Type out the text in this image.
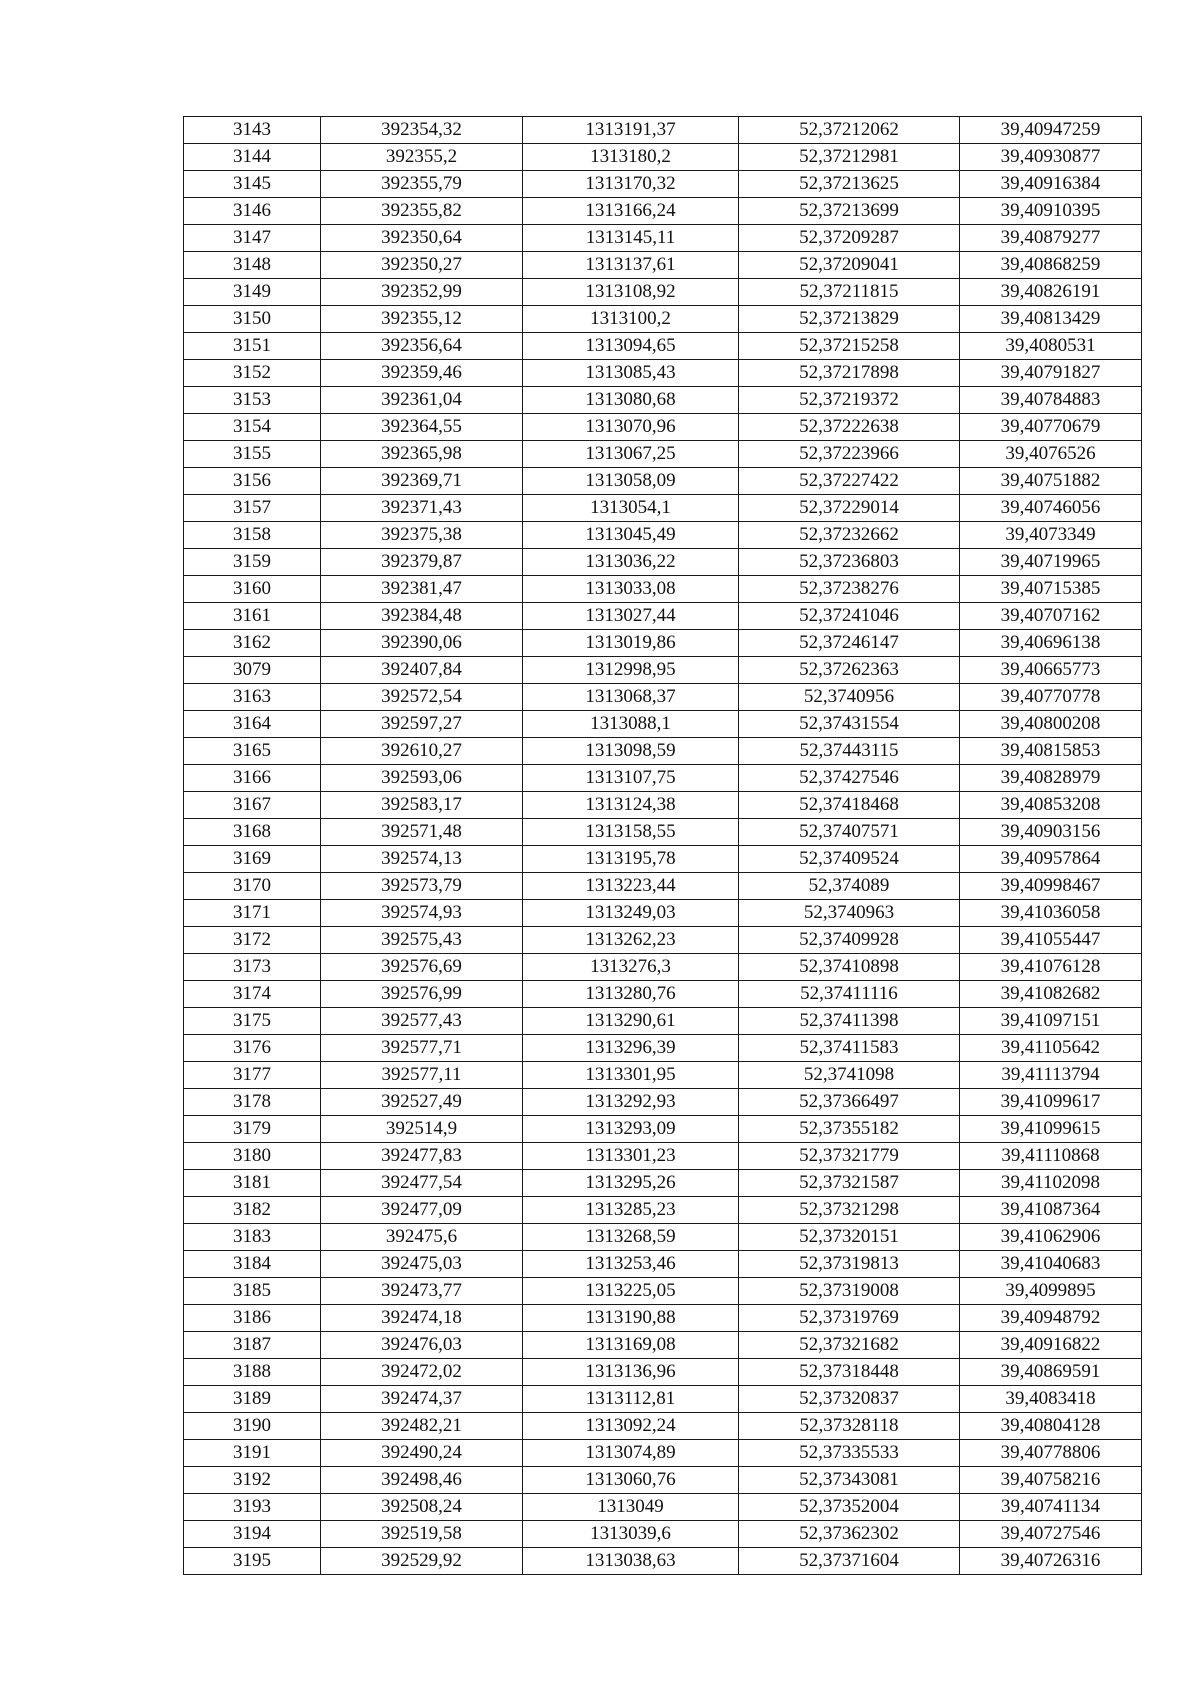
3143	392354,32	1313191,37	52,37212062	39,40947259
3144	392355,2	1313180,2	52,37212981	39,40930877
3145	392355,79	1313170,32	52,37213625	39,40916384
3146	392355,82	1313166,24	52,37213699	39,40910395
3147	392350,64	1313145,11	52,37209287	39,40879277
3148	392350,27	1313137,61	52,37209041	39,40868259
3149	392352,99	1313108,92	52,37211815	39,40826191
3150	392355,12	1313100,2	52,37213829	39,40813429
3151	392356,64	1313094,65	52,37215258	39,4080531
3152	392359,46	1313085,43	52,37217898	39,40791827
3153	392361,04	1313080,68	52,37219372	39,40784883
3154	392364,55	1313070,96	52,37222638	39,40770679
3155	392365,98	1313067,25	52,37223966	39,4076526
3156	392369,71	1313058,09	52,37227422	39,40751882
3157	392371,43	1313054,1	52,37229014	39,40746056
3158	392375,38	1313045,49	52,37232662	39,4073349
3159	392379,87	1313036,22	52,37236803	39,40719965
3160	392381,47	1313033,08	52,37238276	39,40715385
3161	392384,48	1313027,44	52,37241046	39,40707162
3162	392390,06	1313019,86	52,37246147	39,40696138
3079	392407,84	1312998,95	52,37262363	39,40665773
3163	392572,54	1313068,37	52,3740956	39,40770778
3164	392597,27	1313088,1	52,37431554	39,40800208
3165	392610,27	1313098,59	52,37443115	39,40815853
3166	392593,06	1313107,75	52,37427546	39,40828979
3167	392583,17	1313124,38	52,37418468	39,40853208
3168	392571,48	1313158,55	52,37407571	39,40903156
3169	392574,13	1313195,78	52,37409524	39,40957864
3170	392573,79	1313223,44	52,374089	39,40998467
3171	392574,93	1313249,03	52,3740963	39,41036058
3172	392575,43	1313262,23	52,37409928	39,41055447
3173	392576,69	1313276,3	52,37410898	39,41076128
3174	392576,99	1313280,76	52,37411116	39,41082682
3175	392577,43	1313290,61	52,37411398	39,41097151
3176	392577,71	1313296,39	52,37411583	39,41105642
3177	392577,11	1313301,95	52,3741098	39,41113794
3178	392527,49	1313292,93	52,37366497	39,41099617
3179	392514,9	1313293,09	52,37355182	39,41099615
3180	392477,83	1313301,23	52,37321779	39,41110868
3181	392477,54	1313295,26	52,37321587	39,41102098
3182	392477,09	1313285,23	52,37321298	39,41087364
3183	392475,6	1313268,59	52,37320151	39,41062906
3184	392475,03	1313253,46	52,37319813	39,41040683
3185	392473,77	1313225,05	52,37319008	39,4099895
3186	392474,18	1313190,88	52,37319769	39,40948792
3187	392476,03	1313169,08	52,37321682	39,40916822
3188	392472,02	1313136,96	52,37318448	39,40869591
3189	392474,37	1313112,81	52,37320837	39,4083418
3190	392482,21	1313092,24	52,37328118	39,40804128
3191	392490,24	1313074,89	52,37335533	39,40778806
3192	392498,46	1313060,76	52,37343081	39,40758216
3193	392508,24	1313049	52,37352004	39,40741134
3194	392519,58	1313039,6	52,37362302	39,40727546
3195	392529,92	1313038,63	52,37371604	39,40726316
